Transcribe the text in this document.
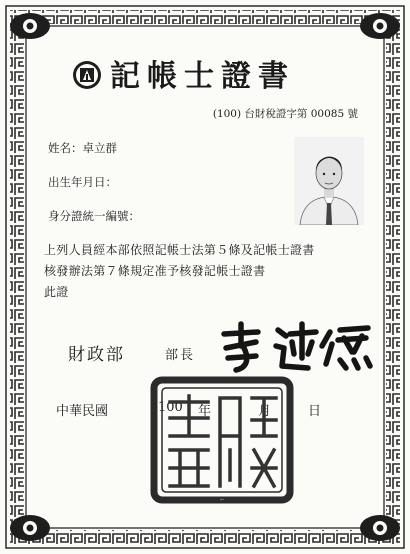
記帳士證書
(100) 台財稅證字第 00085 號
姓名：卓立群
出生年月日：
身分證統一編號：
上列人員經本部依照記帳士法第５條及記帳士證書
核發辦法第７條規定准予核發記帳士證書
此證
財政部	部長
中華民國	100 年	月	日
財政部印
